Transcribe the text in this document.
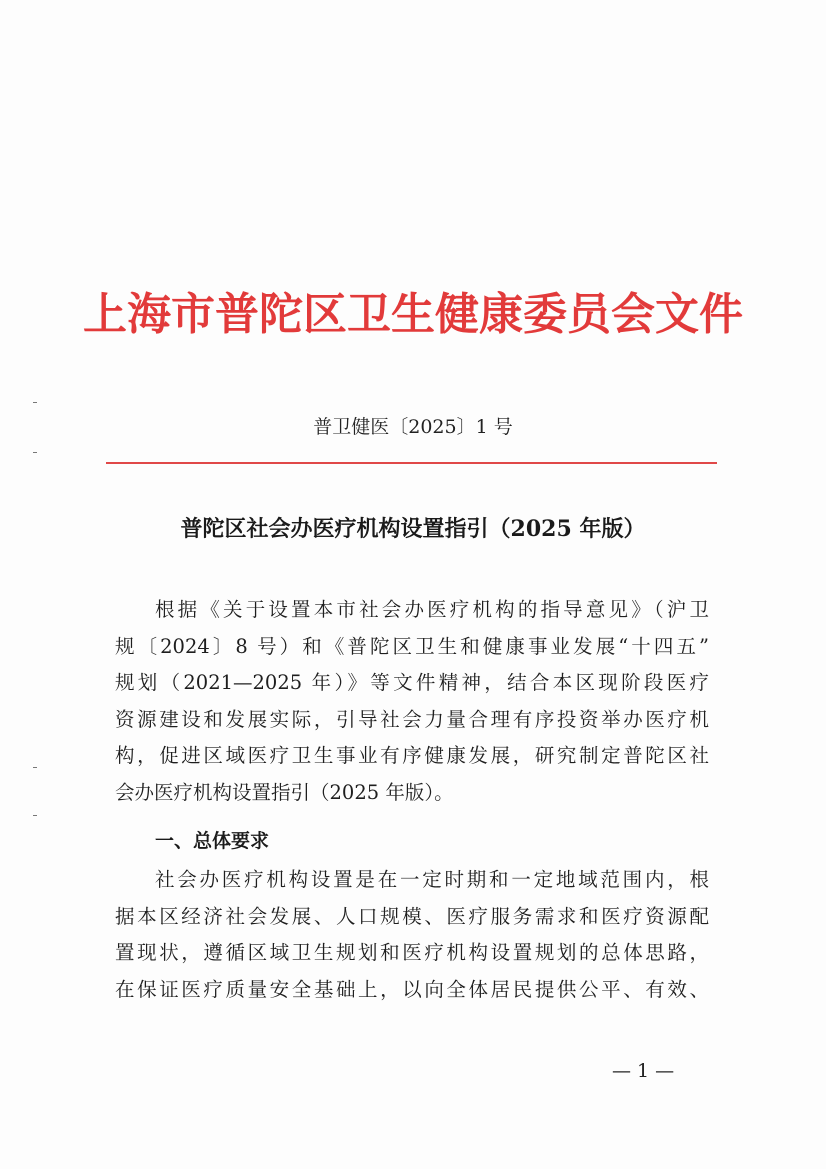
上海市普陀区卫生健康委员会文件
普卫健医〔2025〕1 号
普陀区社会办医疗机构设置指引（2025 年版）
根据《关于设置本市社会办医疗机构的指导意见》（沪卫
规〔2024〕8 号）和《普陀区卫生和健康事业发展“十四五”
规划（2021—2025 年）》等文件精神，结合本区现阶段医疗
资源建设和发展实际，引导社会力量合理有序投资举办医疗机
构，促进区域医疗卫生事业有序健康发展，研究制定普陀区社
会办医疗机构设置指引（2025 年版）。
一、总体要求
社会办医疗机构设置是在一定时期和一定地域范围内，根
据本区经济社会发展、人口规模、医疗服务需求和医疗资源配
置现状，遵循区域卫生规划和医疗机构设置规划的总体思路，
在保证医疗质量安全基础上，以向全体居民提供公平、有效、
— 1 —
